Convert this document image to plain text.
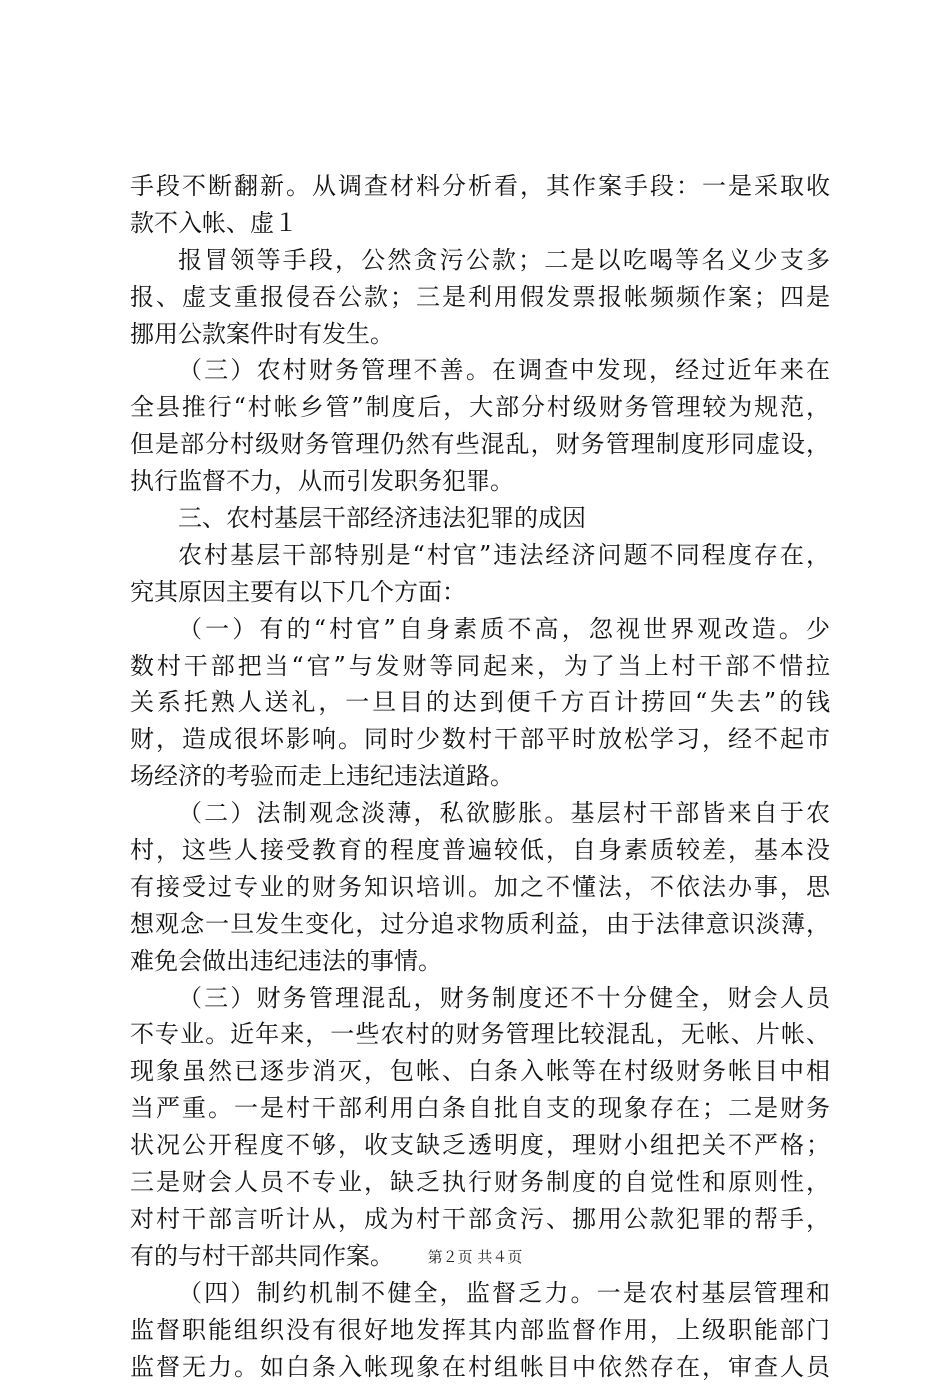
手段不断翻新。从调查材料分析看，其作案手段：一是采取收
款不入帐、虚１
报冒领等手段，公然贪污公款；二是以吃喝等名义少支多
报、虚支重报侵吞公款；三是利用假发票报帐频频作案；四是
挪用公款案件时有发生。
（三）农村财务管理不善。在调查中发现，经过近年来在
全县推行“村帐乡管”制度后，大部分村级财务管理较为规范，
但是部分村级财务管理仍然有些混乱，财务管理制度形同虚设，
执行监督不力，从而引发职务犯罪。
三、农村基层干部经济违法犯罪的成因
农村基层干部特别是“村官”违法经济问题不同程度存在，
究其原因主要有以下几个方面：
（一）有的“村官”自身素质不高，忽视世界观改造。少
数村干部把当“官”与发财等同起来，为了当上村干部不惜拉
关系托熟人送礼，一旦目的达到便千方百计捞回“失去”的钱
财，造成很坏影响。同时少数村干部平时放松学习，经不起市
场经济的考验而走上违纪违法道路。
（二）法制观念淡薄，私欲膨胀。基层村干部皆来自于农
村，这些人接受教育的程度普遍较低，自身素质较差，基本没
有接受过专业的财务知识培训。加之不懂法，不依法办事，思
想观念一旦发生变化，过分追求物质利益，由于法律意识淡薄，
难免会做出违纪违法的事情。
（三）财务管理混乱，财务制度还不十分健全，财会人员
不专业。近年来，一些农村的财务管理比较混乱，无帐、片帐、
现象虽然已逐步消灭，包帐、白条入帐等在村级财务帐目中相
当严重。一是村干部利用白条自批自支的现象存在；二是财务
状况公开程度不够，收支缺乏透明度，理财小组把关不严格；
三是财会人员不专业，缺乏执行财务制度的自觉性和原则性，
对村干部言听计从，成为村干部贪污、挪用公款犯罪的帮手，
有的与村干部共同作案。
（四）制约机制不健全，监督乏力。一是农村基层管理和
监督职能组织没有很好地发挥其内部监督作用，上级职能部门
监督无力。如白条入帐现象在村组帐目中依然存在，审查人员
第２页 共４页
